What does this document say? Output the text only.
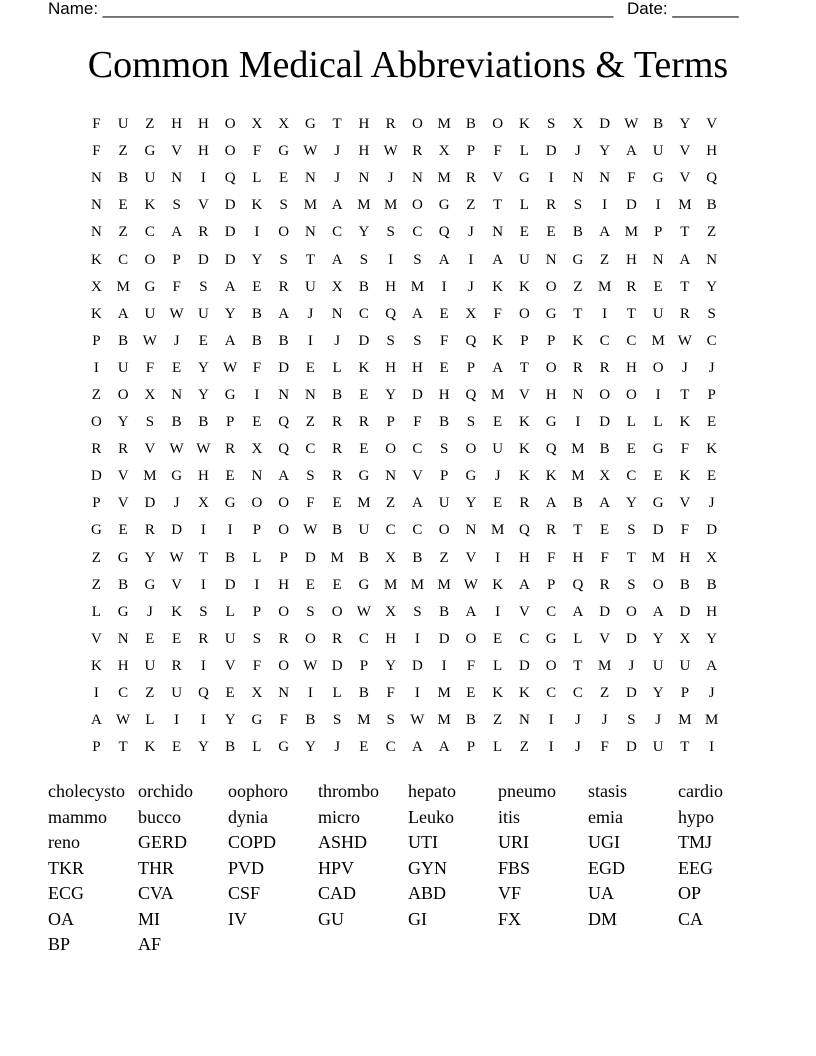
Name: ______________________________________________________

Date: _______

Common Medical Abbreviations & Terms
F	U	Z	H	H	O	X	X	G	T	H	R	O M	B	O	K	S	X	D W B	Y	V
F	Z	G	V	H	O	F	G W	J	H W R	X	P	F	L	D	J	Y	A	U	V	H
N	B	U	N	I	Q	L	E	N	J	N	J	N M	R	V	G	I	N	N	F	G	V	Q
N	E	K	S	V	D	K	S	M A M M O	G	Z	T	L	R	S	I	D	I	M	B
N	Z	C	A	R	D	I	O	N	C	Y	S	C	Q	J	N	E	E	B	A M	P	T	Z
K	C	O	P	D	D	Y	S	T	A	S	I	S	A	I	A	U	N	G	Z	H	N	A	N
X M G	F	S	A	E	R	U	X	B	H M	I	J	K	K	O	Z	M	R	E	T	Y
K	A	U W U	Y	B	A	J	N	C	Q	A	E	X	F	O	G	T	I	T	U	R	S
P	B W	J	E	A	B	B	I	J	D	S	S	F	Q	K	P	P	K	C	C	M W C
I	U	F	E	Y W	F	D	E	L	K	H	H	E	P	A	T	O	R	R	H	O	J	J
Z	O	X	N	Y	G	I	N	N	B	E	Y	D	H	Q M V	H	N	O	O	I	T	P
O	Y	S	B	B	P	E	Q	Z	R	R	P	F	B	S	E	K	G	I	D	L	L	K	E
R	R	V W W R	X	Q	C	R	E	O	C	S	O	U	K	Q M	B	E	G	F	K
D	V M G	H	E	N	A	S	R	G	N	V	P	G	J	K	K M X	C	E	K	E
P	V	D	J	X	G	O	O	F	E	M	Z	A	U	Y	E	R	A	B	A	Y	G	V	J
G	E	R	D	I	I	P	O W B	U	C	C	O	N M Q	R	T	E	S	D	F	D
Z	G	Y W	T	B	L	P	D M	B	X	B	Z	V	I	H	F	H	F	T	M H	X
Z	B	G	V	I	D	I	H	E	E	G M M M W K	A	P	Q	R	S	O	B	B
L	G	J	K	S	L	P	O	S	O W X	S	B	A	I	V	C	A	D	O	A	D	H
V	N	E	E	R	U	S	R	O	R	C	H	I	D	O	E	C	G	L	V	D	Y	X	Y
K	H	U	R	I	V	F	O W D	P	Y	D	I	F	L	D	O	T	M	J	U	U	A
I	C	Z	U	Q	E	X	N	I	L	B	F	I	M	E	K	K	C	C	Z	D	Y	P	J
A W	L	I	I	Y	G	F	B	S	M	S	W M	B	Z	N	I	J	J	S	J	M M
P	T	K	E	Y	B	L	G	Y	J	E	C	A	A	P	L	Z	I	J	F	D	U	T	I
cholecysto orchido	oophoro	thrombo	hepato	pneumo	stasis	cardio
mammo	bucco	dynia	micro	Leuko	itis	emia	hypo
reno	GERD	COPD	ASHD	UTI	URI	UGI	TMJ
TKR	THR	PVD	HPV	GYN	FBS	EGD	EEG
ECG	CVA	CSF	CAD	ABD	VF	UA	OP
OA	MI	IV	GU	GI	FX	DM	CA
BP	AF
